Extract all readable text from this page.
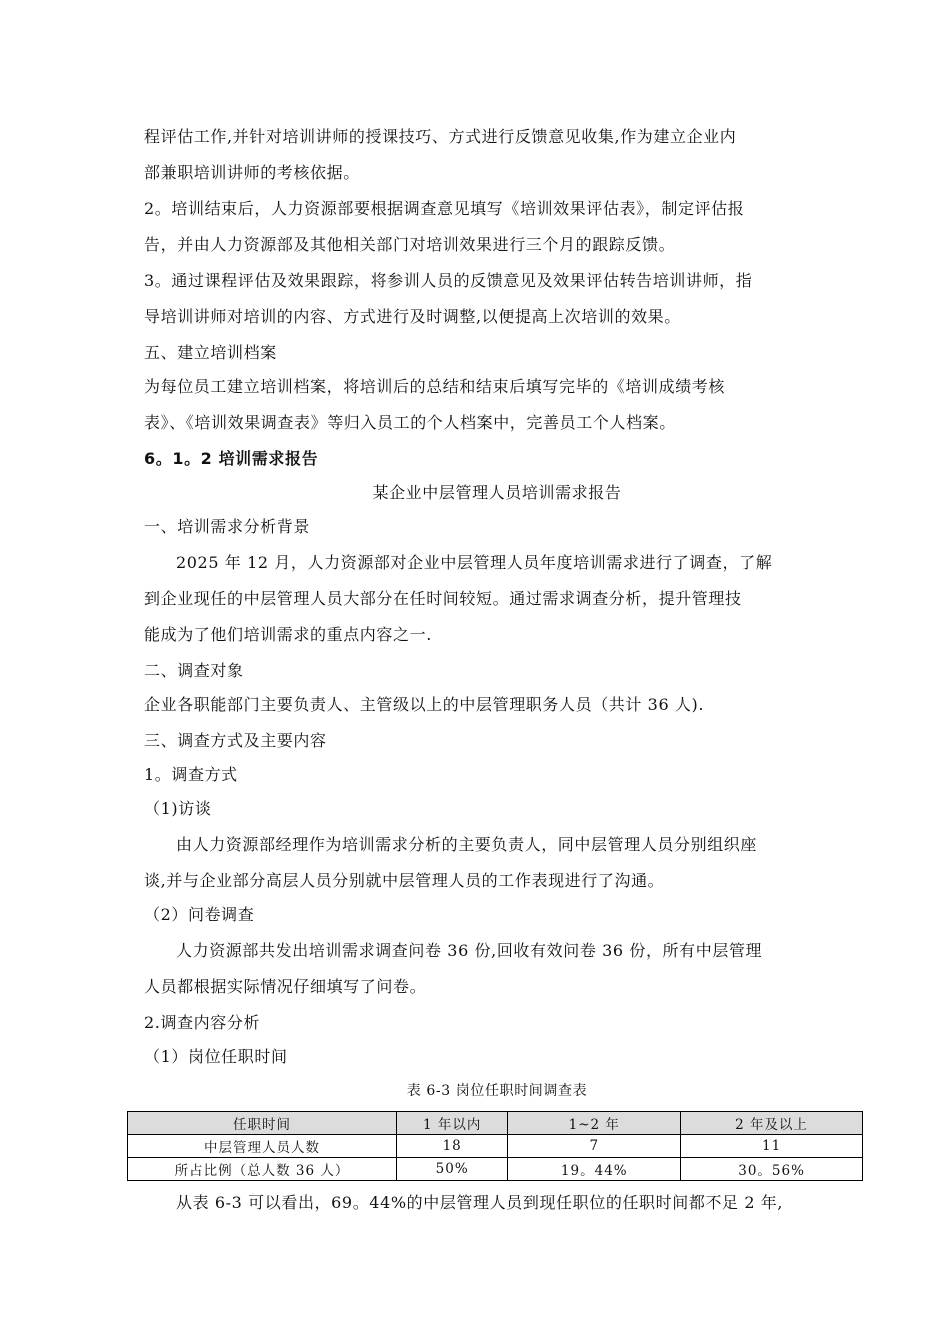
程评估工作,并针对培训讲师的授课技巧、方式进行反馈意见收集,作为建立企业内
部兼职培训讲师的考核依据。
2。培训结束后，人力资源部要根据调查意见填写《培训效果评估表》，制定评估报
告，并由人力资源部及其他相关部门对培训效果进行三个月的跟踪反馈。
3。通过课程评估及效果跟踪，将参训人员的反馈意见及效果评估转告培训讲师，指
导培训讲师对培训的内容、方式进行及时调整,以便提高上次培训的效果。
五、建立培训档案
为每位员工建立培训档案，将培训后的总结和结束后填写完毕的《培训成绩考核
表》、《培训效果调查表》等归入员工的个人档案中，完善员工个人档案。
6。1。2 培训需求报告
某企业中层管理人员培训需求报告
一、培训需求分析背景
2025 年 12 月，人力资源部对企业中层管理人员年度培训需求进行了调查，了解
到企业现任的中层管理人员大部分在任时间较短。通过需求调查分析，提升管理技
能成为了他们培训需求的重点内容之一.
二、调查对象
企业各职能部门主要负责人、主管级以上的中层管理职务人员（共计 36 人).
三、调查方式及主要内容
1。调查方式
（1)访谈
由人力资源部经理作为培训需求分析的主要负责人，同中层管理人员分别组织座
谈,并与企业部分高层人员分别就中层管理人员的工作表现进行了沟通。
（2）问卷调查
人力资源部共发出培训需求调查问卷 36 份,回收有效问卷 36 份，所有中层管理
人员都根据实际情况仔细填写了问卷。
2.调查内容分析
（1）岗位任职时间
表 6-3 岗位任职时间调查表
任职时间	1 年以内	1~2 年	2 年及以上
中层管理人员人数	18	7	11
所占比例（总人数 36 人）	50%	19。44%	30。56%
从表 6-3 可以看出，69。44%的中层管理人员到现任职位的任职时间都不足 2 年,
